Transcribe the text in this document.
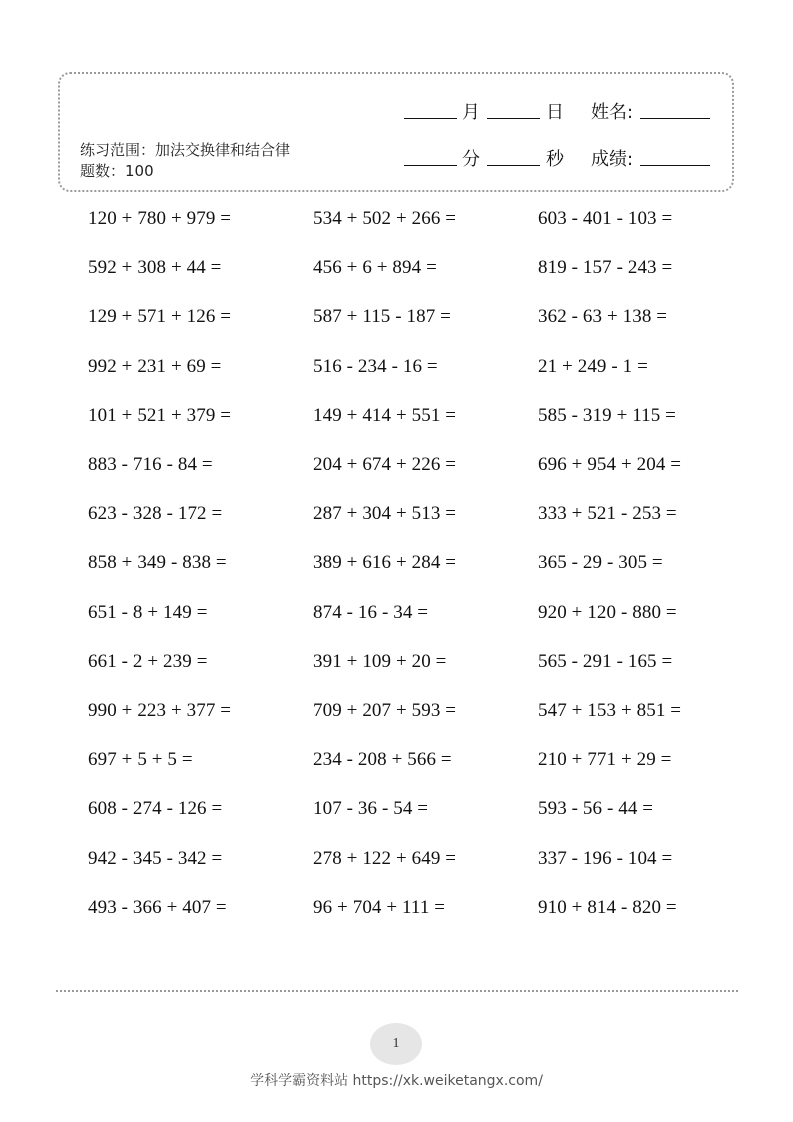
练习范围：加法交换律和结合律 题数：100
月	日 姓名:
分	秒 成绩:
120 + 780 + 979 =	534 + 502 + 266 =	603 - 401 - 103 =
592 + 308 + 44 =	456 + 6 + 894 =	819 - 157 - 243 =
129 + 571 + 126 =	587 + 115 - 187 =	362 - 63 + 138 =
992 + 231 + 69 =	516 - 234 - 16 =	21 + 249 - 1 =
101 + 521 + 379 =	149 + 414 + 551 =	585 - 319 + 115 =
883 - 716 - 84 =	204 + 674 + 226 =	696 + 954 + 204 =
623 - 328 - 172 =	287 + 304 + 513 =	333 + 521 - 253 =
858 + 349 - 838 =	389 + 616 + 284 =	365 - 29 - 305 =
651 - 8 + 149 =	874 - 16 - 34 =	920 + 120 - 880 =
661 - 2 + 239 =	391 + 109 + 20 =	565 - 291 - 165 =
990 + 223 + 377 =	709 + 207 + 593 =	547 + 153 + 851 =
697 + 5 + 5 =	234 - 208 + 566 =	210 + 771 + 29 =
608 - 274 - 126 =	107 - 36 - 54 =	593 - 56 - 44 =
942 - 345 - 342 =	278 + 122 + 649 =	337 - 196 - 104 =
493 - 366 + 407 =	96 + 704 + 111 =	910 + 814 - 820 =
1
学科学霸资料站 https://xk.weiketangx.com/
